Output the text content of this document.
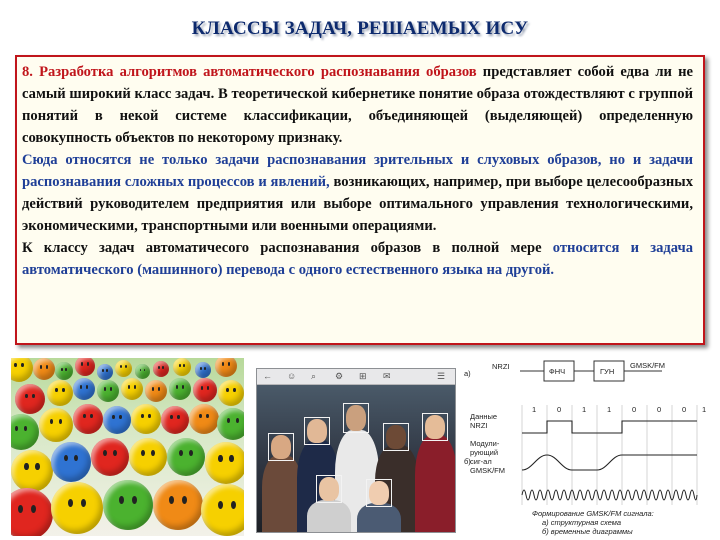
КЛАССЫ ЗАДАЧ, РЕШАЕМЫХ ИСУ

8. Разработка алгоритмов автоматического распознавания образов представляет собой едва ли не самый широкий класс задач. В теоретической кибернетике понятие образа отождествляют с группой понятий в некой системе классификации, объединяющей (выделяющей) определенную совокупность объектов по некоторому признаку.

Сюда относятся не только задачи распознавания зрительных и слуховых образов, но и задачи распознавания сложных процессов и явлений, возникающих, например, при выборе целесообразных действий руководителем предприятия или выборе оптимального управления технологическими, экономическими, транспортными или военными операциями.

К классу задач автоматичесого распознавания образов в полной мере относится и задача автоматического (машинного) перевода с одного естественного языка на другой.

← ☺ ⌕ ⚙ ⊞ ✉	☰	а)
NRZI
ФНЧ	ГУН
GMSK/FM
Данные
NRZI
Модули-
рующий
сиг-ал
GMSK/FM
б)
1	0	1	1	0	0	0 1
Формирование GMSK/FM сигнала:
а) структурная схема
б) временные диаграммы
